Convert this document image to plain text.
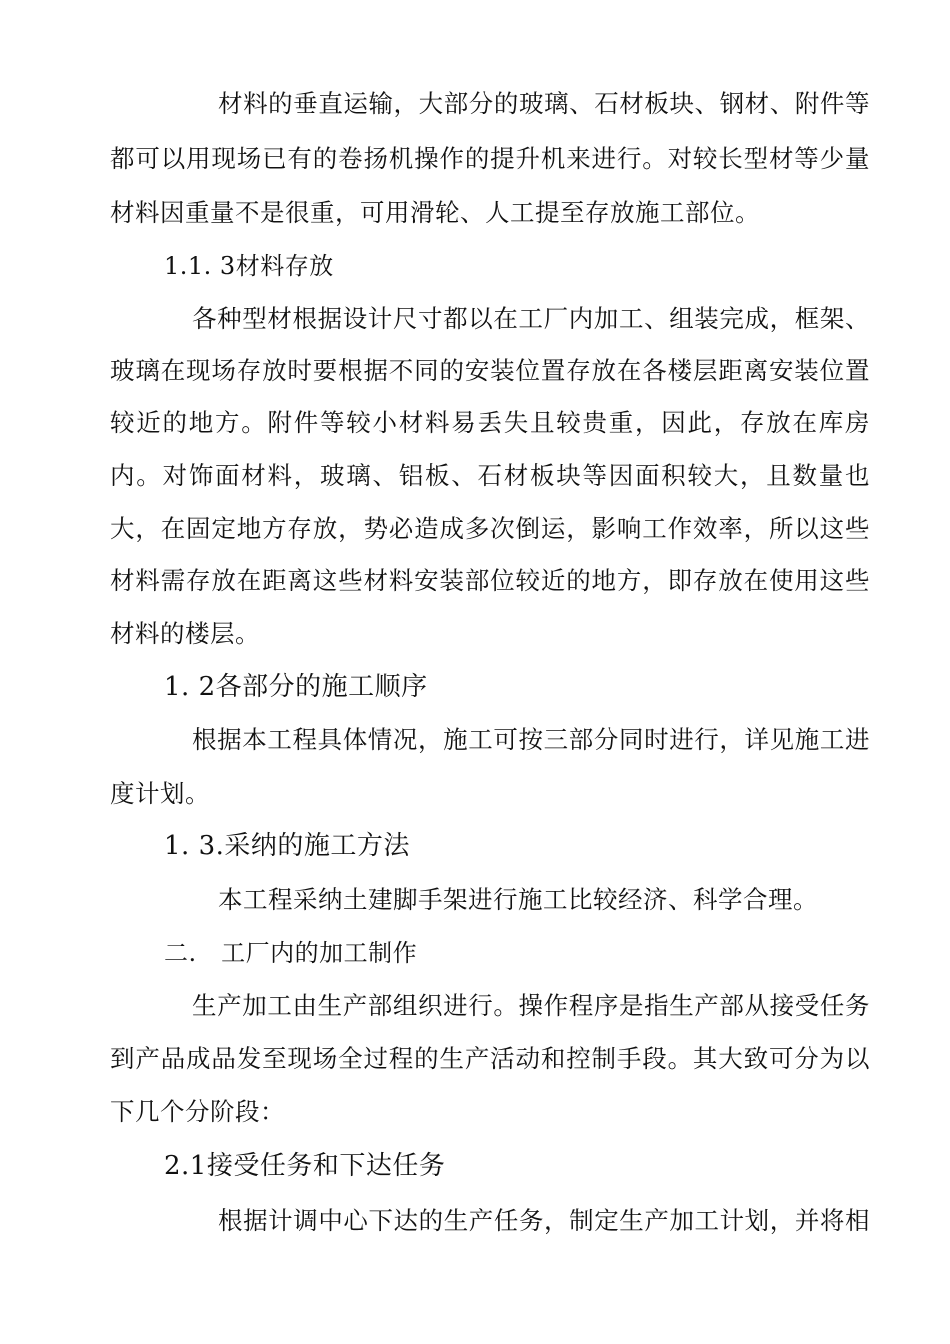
材料的垂直运输，大部分的玻璃、石材板块、钢材、附件等
都可以用现场已有的卷扬机操作的提升机来进行。对较长型材等少量
材料因重量不是很重，可用滑轮、人工提至存放施工部位。
1.1. 3材料存放
各种型材根据设计尺寸都以在工厂内加工、组装完成，框架、
玻璃在现场存放时要根据不同的安装位置存放在各楼层距离安装位置
较近的地方。附件等较小材料易丢失且较贵重，因此，存放在库房
内。对饰面材料，玻璃、铝板、石材板块等因面积较大，且数量也
大，在固定地方存放，势必造成多次倒运，影响工作效率，所以这些
材料需存放在距离这些材料安装部位较近的地方，即存放在使用这些
材料的楼层。
1. 2各部分的施工顺序
根据本工程具体情况，施工可按三部分同时进行，详见施工进
度计划。
1. 3.采纳的施工方法
本工程采纳土建脚手架进行施工比较经济、科学合理。
二.　工厂内的加工制作
生产加工由生产部组织进行。操作程序是指生产部从接受任务
到产品成品发至现场全过程的生产活动和控制手段。其大致可分为以
下几个分阶段：
2.1接受任务和下达任务
根据计调中心下达的生产任务，制定生产加工计划，并将相
